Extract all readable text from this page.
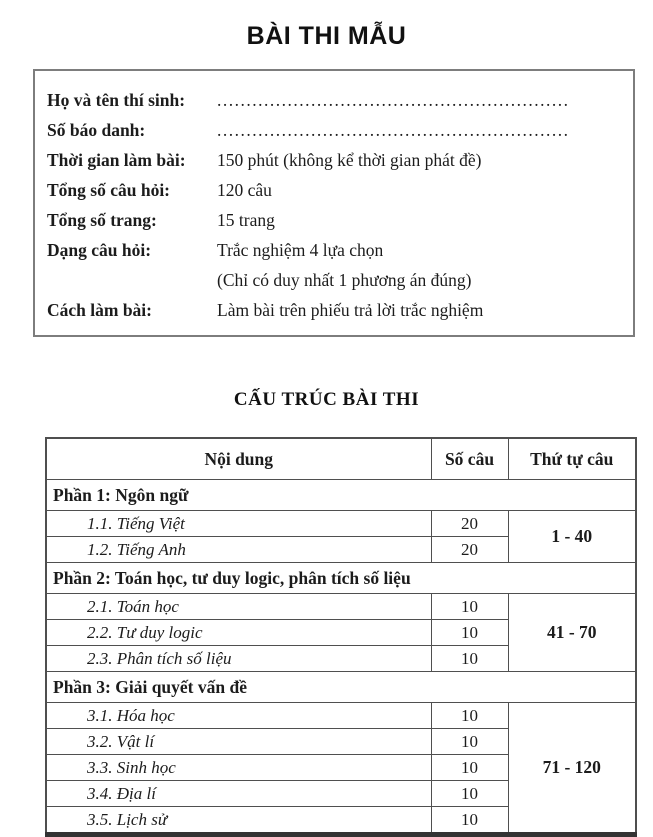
BÀI THI MẪU
Họ và tên thí sinh:	............................................................
Số báo danh:	............................................................
Thời gian làm bài:	150 phút (không kể thời gian phát đề)
Tổng số câu hỏi:	120 câu
Tổng số trang:	15 trang
Dạng câu hỏi:	Trắc nghiệm 4 lựa chọn
(Chỉ có duy nhất 1 phương án đúng)
Cách làm bài:	Làm bài trên phiếu trả lời trắc nghiệm
CẤU TRÚC BÀI THI
Nội dung	Số câu	Thứ tự câu
Phần 1: Ngôn ngữ		
1.1. Tiếng Việt	20	1 - 40
1.2. Tiếng Anh	20	
Phần 2: Toán học, tư duy logic, phân tích số liệu		
2.1. Toán học	10	41 - 70
2.2. Tư duy logic	10	
2.3. Phân tích số liệu	10	
Phần 3: Giải quyết vấn đề		
3.1. Hóa học	10	71 - 120
3.2. Vật lí	10	
3.3. Sinh học	10	
3.4. Địa lí	10	
3.5. Lịch sử	10	
